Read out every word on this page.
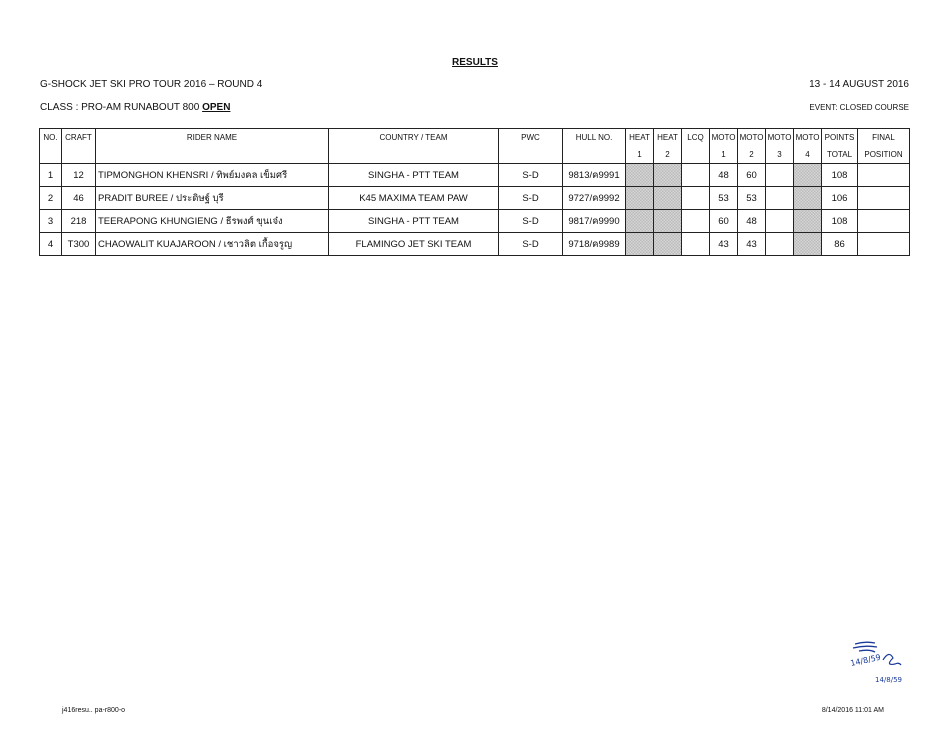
RESULTS
G-SHOCK JET SKI PRO TOUR 2016 – ROUND 4	13 - 14 AUGUST 2016
CLASS : PRO-AM RUNABOUT 800 OPEN	EVENT: CLOSED COURSE
NO.	CRAFT	RIDER NAME	COUNTRY / TEAM	PWC	HULL NO.	HEAT	HEAT	LCQ	MOTO	MOTO	MOTO	MOTO	POINTS	FINAL
						1	2		1	2	3	4	TOTAL	POSITION
1	12	TIPMONGHON KHENSRI / ทิพย์มงคล เข็มศรี	SINGHA - PTT TEAM	S-D	9813/ค9991				48	60			108	
2	46	PRADIT BUREE / ประดิษฐ์ บุรี	K45 MAXIMA TEAM PAW	S-D	9727/ค9992				53	53			106	
3	218	TEERAPONG KHUNGIENG / ธีรพงศ์ ขุนเจ๋ง	SINGHA - PTT TEAM	S-D	9817/ค9990				60	48			108	
4	T300	CHAOWALIT KUAJAROON / เชาวลิต เกื้อจรูญ	FLAMINGO JET SKI TEAM	S-D	9718/ค9989				43	43			86	
14/8/59
14/8/59
j416resu.. pa-r800-o	8/14/2016 11:01 AM
